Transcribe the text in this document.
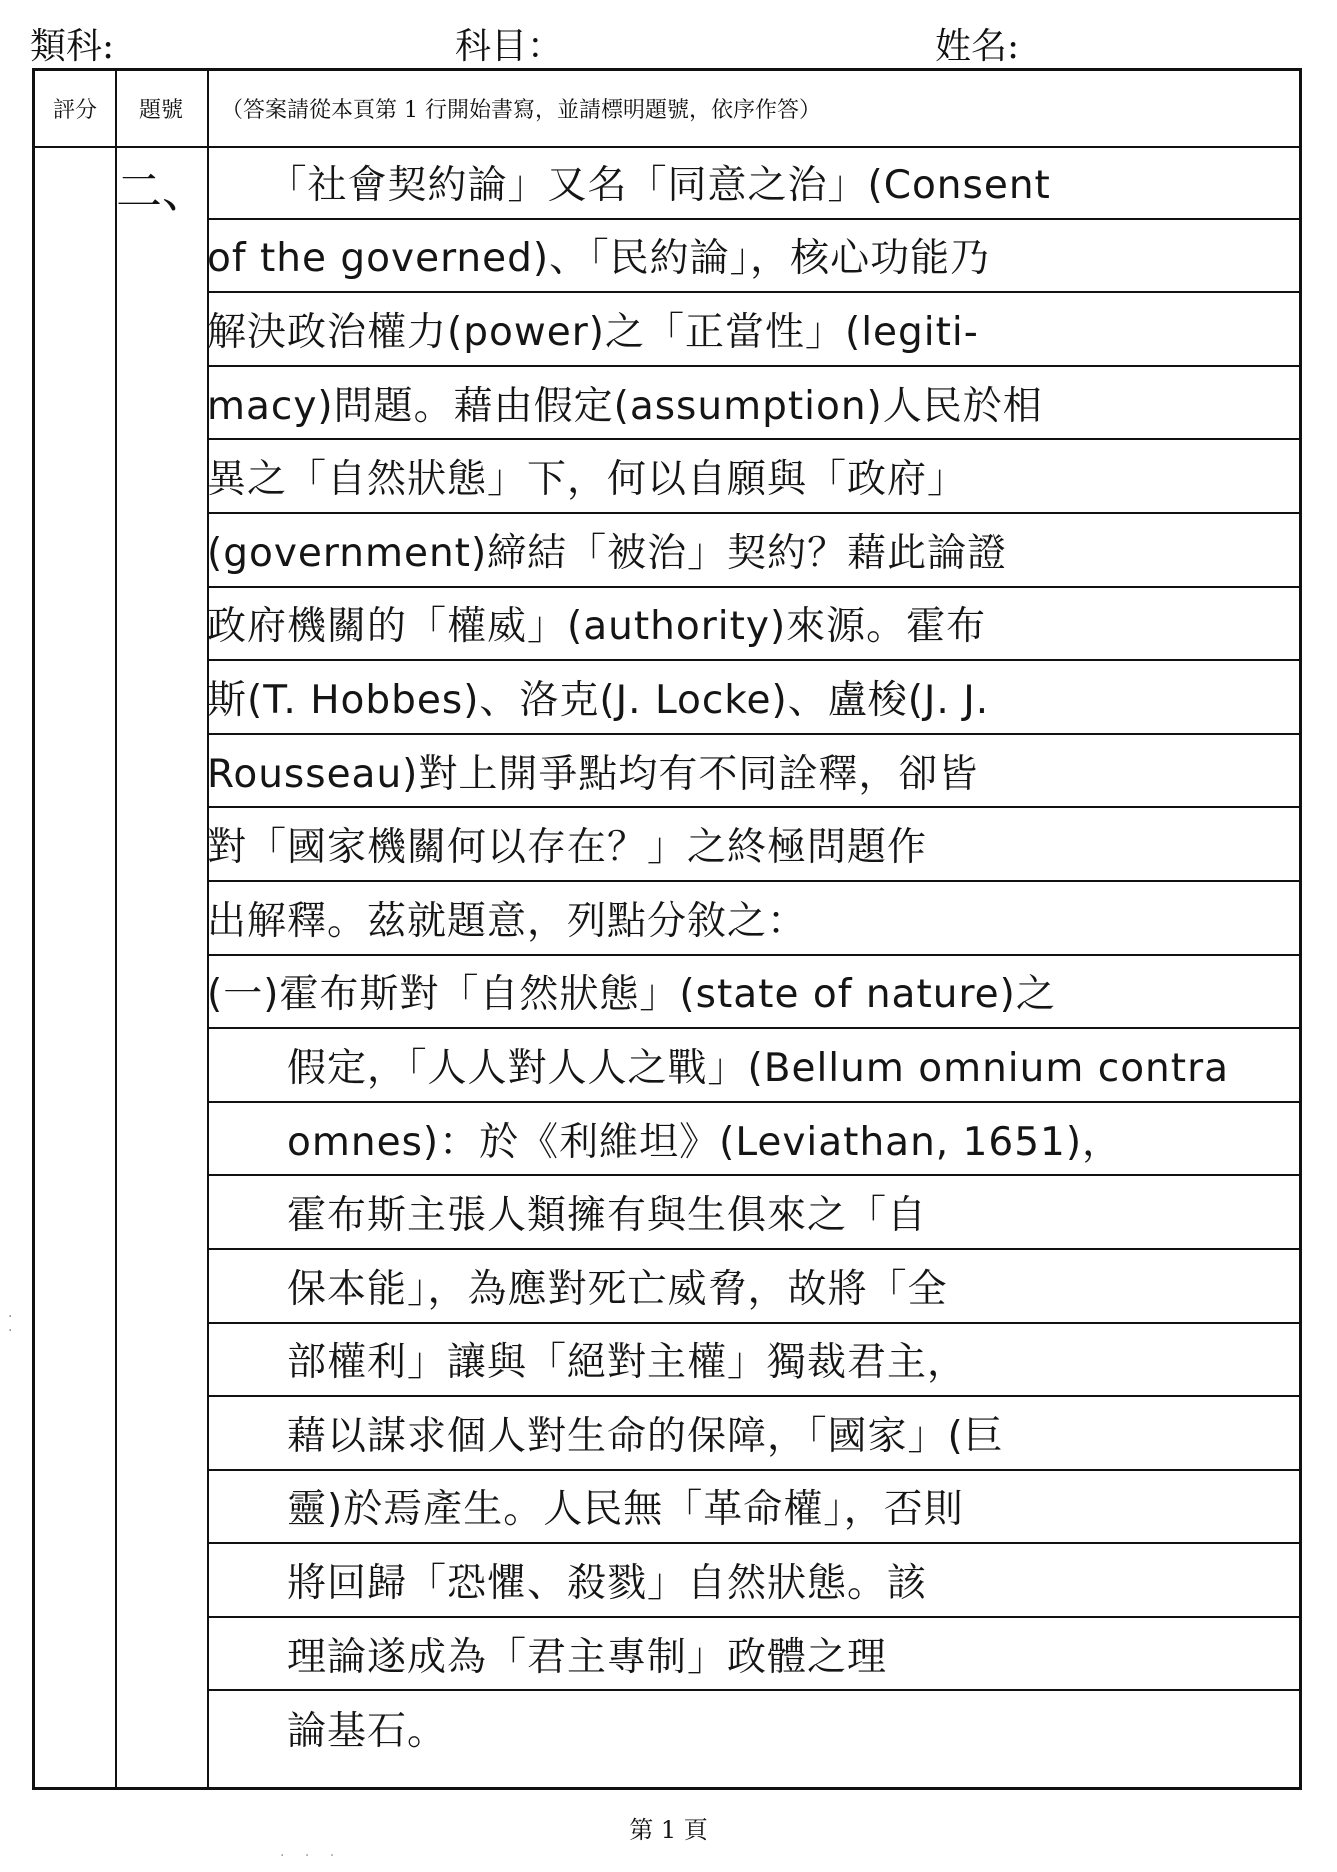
類科:	科目：	姓名:
評分	題號	（答案請從本頁第 1 行開始書寫，並請標明題號，依序作答）
二、 　　「社會契約論」又名「同意之治」(Consent
of the governed)、「民約論」，核心功能乃
解決政治權力(power)之「正當性」(legiti-
macy)問題。藉由假定(assumption)人民於相
異之「自然狀態」下，何以自願與「政府」
(government)締結「被治」契約？藉此論證
政府機關的「權威」(authority)來源。霍布
斯(T. Hobbes)、洛克(J. Locke)、盧梭(J. J.
Rousseau)對上開爭點均有不同詮釋，卻皆
對「國家機關何以存在？」之終極問題作
出解釋。茲就題意，列點分敘之：
(一)霍布斯對「自然狀態」(state of nature)之
　　假定，「人人對人人之戰」(Bellum omnium contra
　　omnes)：於《利維坦》(Leviathan, 1651)，
　　霍布斯主張人類擁有與生俱來之「自
　　保本能」，為應對死亡威脅，故將「全
　　部權利」讓與「絕對主權」獨裁君主，
　　藉以謀求個人對生命的保障，「國家」(巨
　　靈)於焉產生。人民無「革命權」，否則
　　將回歸「恐懼、殺戮」自然狀態。該
　　理論遂成為「君主專制」政體之理
　　論基石。
·
·
第 1 頁
· · ·
